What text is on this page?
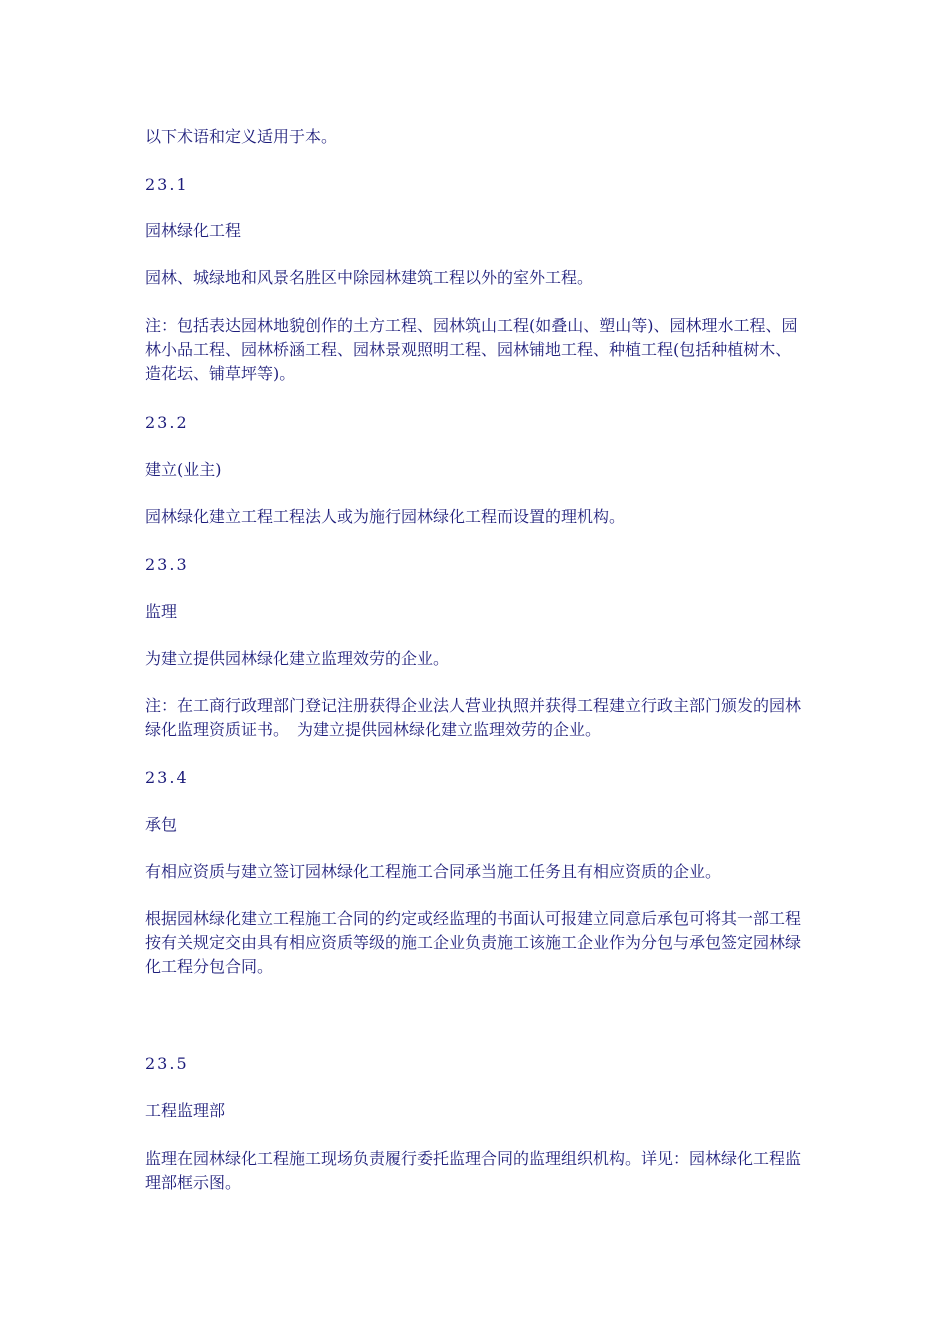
以下术语和定义适用于本。

23.1

园林绿化工程

园林、城绿地和风景名胜区中除园林建筑工程以外的室外工程。

注：包括表达园林地貌创作的土方工程、园林筑山工程(如叠山、塑山等)、园林理水工程、园林小品工程、园林桥涵工程、园林景观照明工程、园林铺地工程、种植工程(包括种植树木、造花坛、铺草坪等)。

23.2

建立(业主)

园林绿化建立工程工程法人或为施行园林绿化工程而设置的理机构。

23.3

监理

为建立提供园林绿化建立监理效劳的企业。

注：在工商行政理部门登记注册获得企业法人营业执照并获得工程建立行政主部门颁发的园林绿化监理资质证书。　为建立提供园林绿化建立监理效劳的企业。

23.4

承包

有相应资质与建立签订园林绿化工程施工合同承当施工任务且有相应资质的企业。

根据园林绿化建立工程施工合同的约定或经监理的书面认可报建立同意后承包可将其一部工程按有关规定交由具有相应资质等级的施工企业负责施工该施工企业作为分包与承包签定园林绿化工程分包合同。

23.5

工程监理部

监理在园林绿化工程施工现场负责履行委托监理合同的监理组织机构。详见：园林绿化工程监理部框示图。
